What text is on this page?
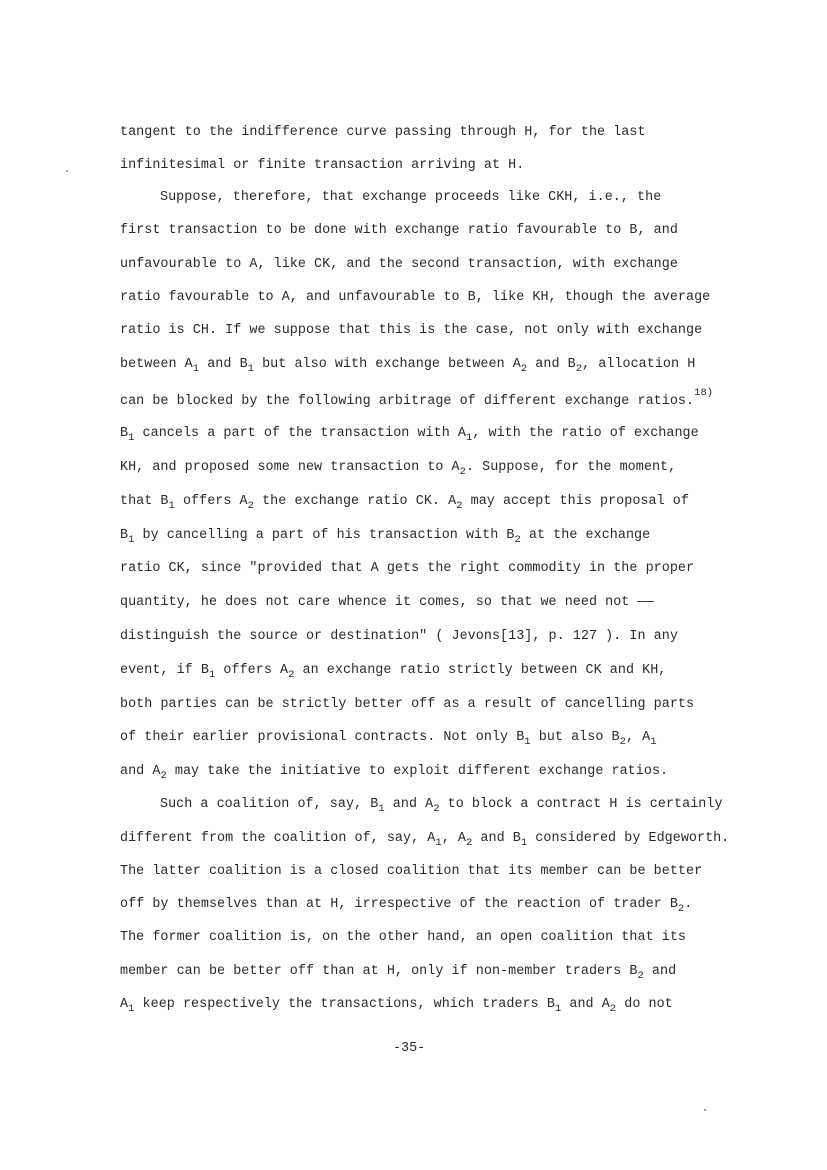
tangent to the indifference curve passing through H, for the last
infinitesimal or finite transaction arriving at H.
Suppose, therefore, that exchange proceeds like CKH, i.e., the
first transaction to be done with exchange ratio favourable to B, and
unfavourable to A, like CK, and the second transaction, with exchange
ratio favourable to A, and unfavourable to B, like KH, though the average
ratio is CH. If we suppose that this is the case, not only with exchange
between $A_1$ and $B_1$ but also with exchange between $A_2$ and $B_2$, allocation H
can be blocked by the following arbitrage of different exchange ratios.$^{18)}$
$B_1$ cancels a part of the transaction with $A_1$, with the ratio of exchange
KH, and proposed some new transaction to $A_2$. Suppose, for the moment,
that $B_1$ offers $A_2$ the exchange ratio CK. $A_2$ may accept this proposal of
$B_1$ by cancelling a part of his transaction with $B_2$ at the exchange
ratio CK, since "provided that A gets the right commodity in the proper
quantity, he does not care whence it comes, so that we need not ——
distinguish the source or destination" ( Jevons[13], p. 127 ). In any
event, if $B_1$ offers $A_2$ an exchange ratio strictly between CK and KH,
both parties can be strictly better off as a result of cancelling parts
of their earlier provisional contracts. Not only $B_1$ but also $B_2$, $A_1$
and $A_2$ may take the initiative to exploit different exchange ratios.
Such a coalition of, say, $B_1$ and $A_2$ to block a contract H is certainly
different from the coalition of, say, $A_1$, $A_2$ and $B_1$ considered by Edgeworth.
The latter coalition is a closed coalition that its member can be better
off by themselves than at H, irrespective of the reaction of trader $B_2$.
The former coalition is, on the other hand, an open coalition that its
member can be better off than at H, only if non-member traders $B_2$ and
$A_1$ keep respectively the transactions, which traders $B_1$ and $A_2$ do not
-35-
